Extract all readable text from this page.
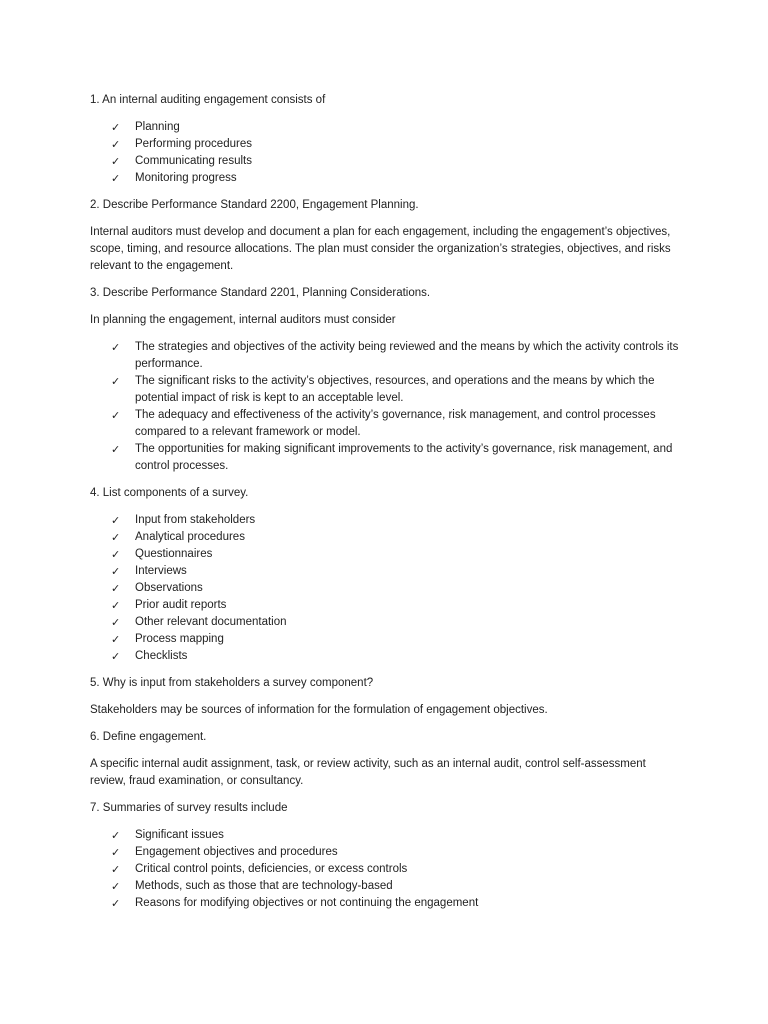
1. An internal auditing engagement consists of

✓ Planning
✓ Performing procedures
✓ Communicating results
✓ Monitoring progress

2. Describe Performance Standard 2200, Engagement Planning.

Internal auditors must develop and document a plan for each engagement, including the engagement’s objectives, scope, timing, and resource allocations. The plan must consider the organization’s strategies, objectives, and risks relevant to the engagement.

3. Describe Performance Standard 2201, Planning Considerations.

In planning the engagement, internal auditors must consider

✓ The strategies and objectives of the activity being reviewed and the means by which the activity controls its performance.
✓ The significant risks to the activity’s objectives, resources, and operations and the means by which the potential impact of risk is kept to an acceptable level.
✓ The adequacy and effectiveness of the activity’s governance, risk management, and control processes compared to a relevant framework or model.
✓ The opportunities for making significant improvements to the activity’s governance, risk management, and control processes.

4. List components of a survey.

✓ Input from stakeholders
✓ Analytical procedures
✓ Questionnaires
✓ Interviews
✓ Observations
✓ Prior audit reports
✓ Other relevant documentation
✓ Process mapping
✓ Checklists

5. Why is input from stakeholders a survey component?

Stakeholders may be sources of information for the formulation of engagement objectives.

6. Define engagement.

A specific internal audit assignment, task, or review activity, such as an internal audit, control self-assessment review, fraud examination, or consultancy.

7. Summaries of survey results include

✓ Significant issues
✓ Engagement objectives and procedures
✓ Critical control points, deficiencies, or excess controls
✓ Methods, such as those that are technology-based
✓ Reasons for modifying objectives or not continuing the engagement
